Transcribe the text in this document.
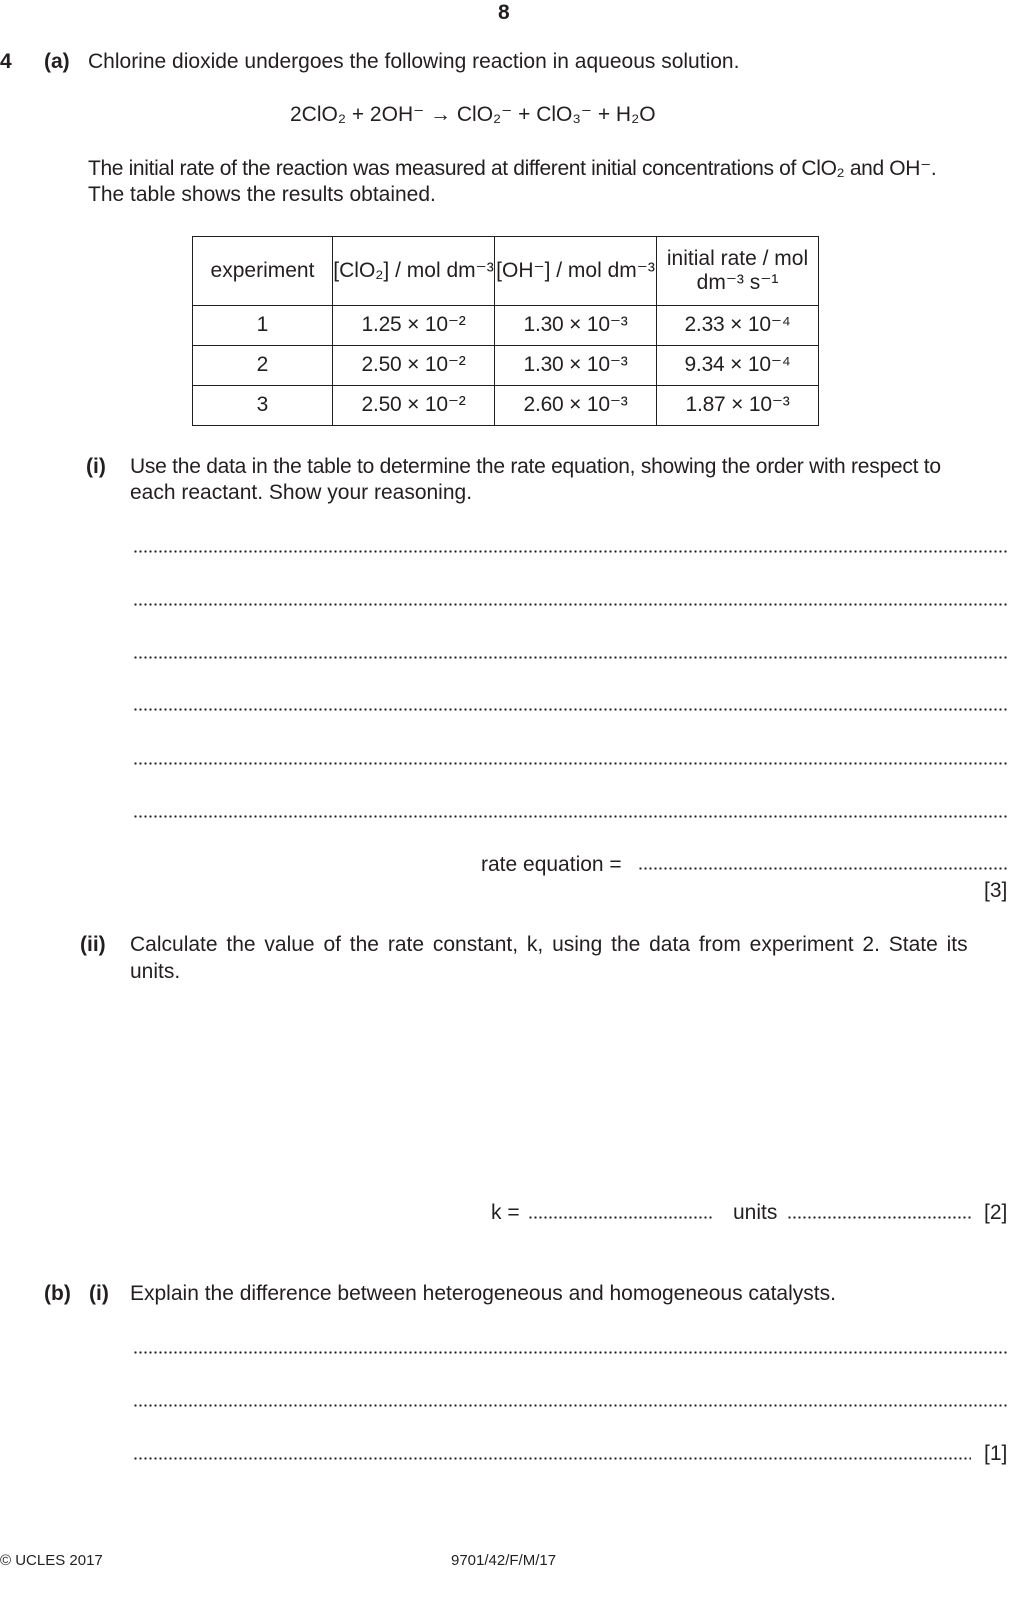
8
4 (a) Chlorine dioxide undergoes the following reaction in aqueous solution.
2ClO₂ + 2OH⁻ → ClO₂⁻ + ClO₃⁻ + H₂O
The initial rate of the reaction was measured at different initial concentrations of ClO₂ and OH⁻.
The table shows the results obtained.
experiment	[ClO₂] / mol dm⁻³	[OH⁻] / mol dm⁻³	initial rate / mol dm⁻³ s⁻¹
1	1.25 × 10⁻²	1.30 × 10⁻³	2.33 × 10⁻⁴
2	2.50 × 10⁻²	1.30 × 10⁻³	9.34 × 10⁻⁴
3	2.50 × 10⁻²	2.60 × 10⁻³	1.87 × 10⁻³
(i) Use the data in the table to determine the rate equation, showing the order with respect to
each reactant. Show your reasoning.
rate equation =
[3]
(ii) Calculate the value of the rate constant, k, using the data from experiment 2. State its
units.
k =	units	[2]
(b) (i) Explain the difference between heterogeneous and homogeneous catalysts.
[1]
© UCLES 2017	9701/42/F/M/17
